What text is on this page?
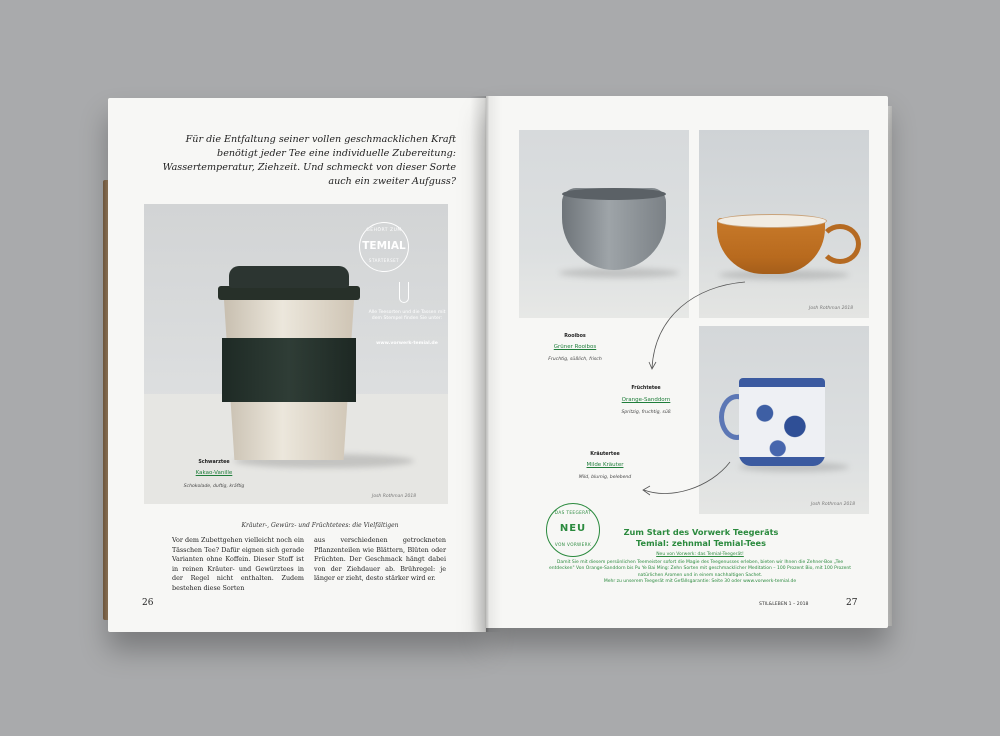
Für die Entfaltung seiner vollen geschmacklichen Kraft benötigt jeder Tee eine individuelle Zubereitung: Wassertemperatur, Ziehzeit. Und schmeckt von dieser Sorte auch ein zweiter Aufguss?
GEHÖRT ZUM
TEMIAL
STARTERSET
Alle Teesorten und die Tassen mit dem Stempel finden Sie unter:
www.vorwerk-temial.de
Schwarztee
Kakao-Vanille
Schokolade, duftig, kräftig
Josh Rothman 2018
Kräuter-, Gewürz- und Früchtetees: die Vielfältigen
Vor dem Zubettgehen vielleicht noch ein Tässchen Tee? Dafür eignen sich gerade Varianten ohne Koffein. Dieser Stoff ist in reinen Kräuter- und Gewürztees in der Regel nicht enthalten. Zudem bestehen diese Sorten
aus verschiedenen getrockneten Pflanzenteilen wie Blättern, Blüten oder Früchten. Der Geschmack hängt dabei von der Ziehdauer ab. Brühregel: je länger er zieht, desto stärker wird er.
26
Josh Rothman 2018
Josh Rothman 2018
Rooibos
Grüner Rooibos
Fruchtig, süßlich, frisch
Früchtetee
Orange-Sanddorn
Spritzig, fruchtig, süß
Kräutertee
Milde Kräuter
Mild, blumig, belebend
DAS TEEGERÄT
NEU
VON VORWERK
Zum Start des Vorwerk Teegeräts Temial: zehnmal Temial-Tees
Neu von Vorwerk: das Temial-Teegerät!
Damit Sie mit diesem persönlichen Teemeister sofort die Magie des Teegenusses erleben, bieten wir Ihnen die Zehner-Box „Tee entdecken" Von Orange-Sanddorn bis Pu Ye Bai Ming: Zehn Sorten mit geschmacklicher Meditation – 100 Prozent Bio, mit 100 Prozent natürlichen Aromen und in einem nachhaltigen Sachet.
Mehr zu unserem Teegerät mit Gefällsgarantie: Seite 30 oder www.vorwerk-temial.de
STIL&LEBEN 1 – 2018	27
